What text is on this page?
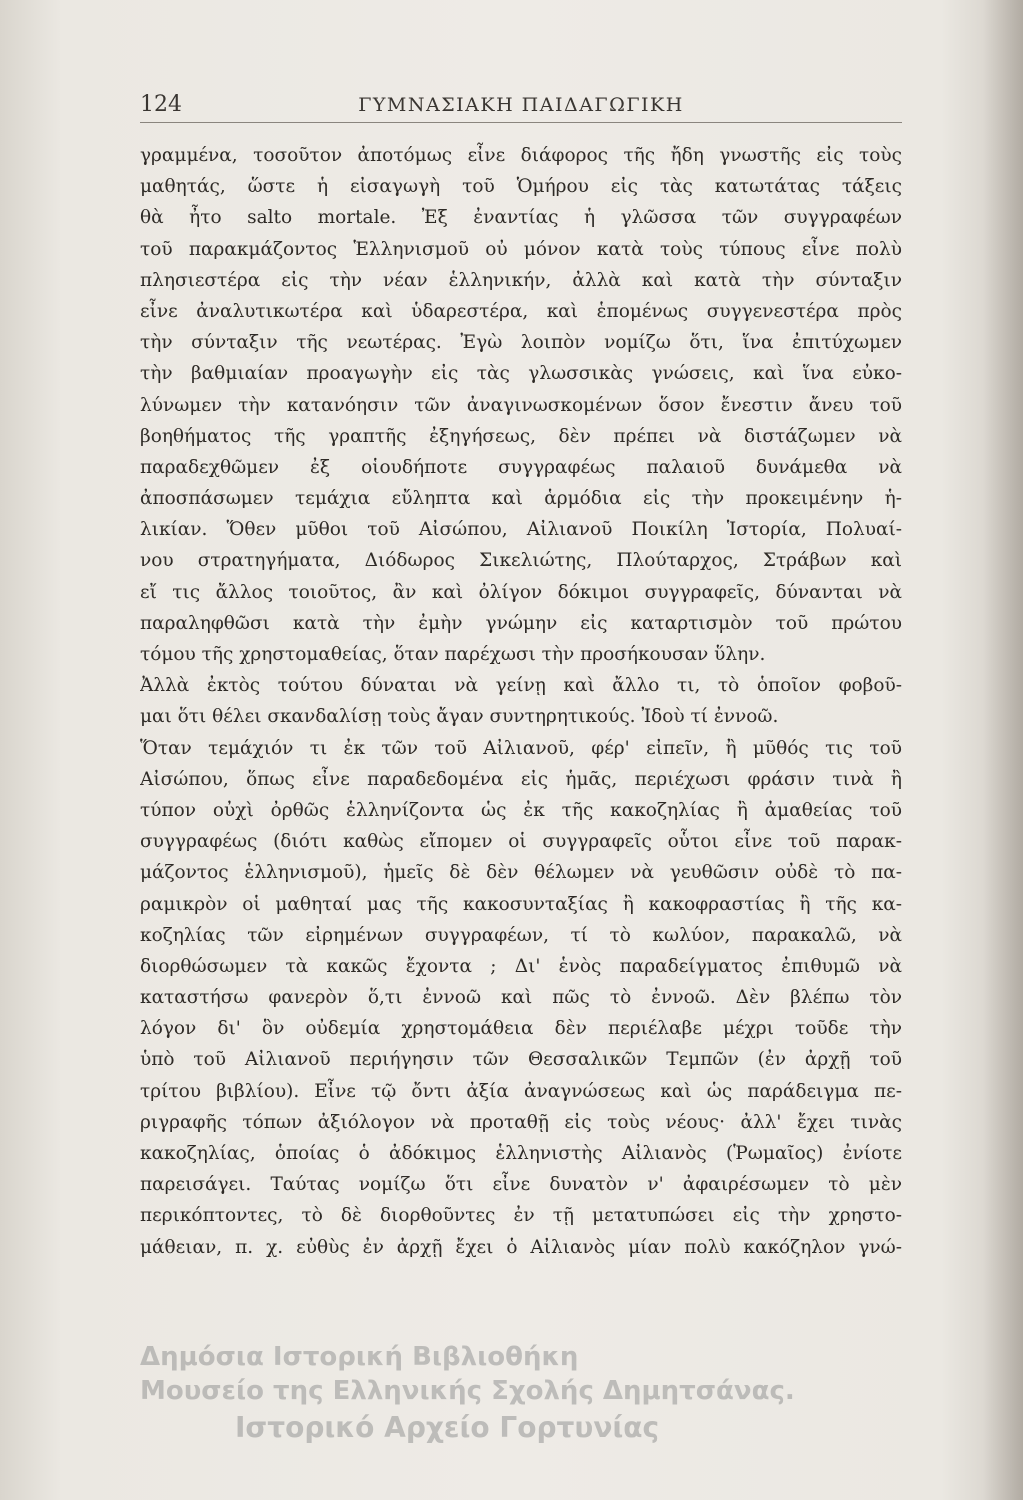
124	ΓΥΜΝΑΣΙΑΚΗ ΠΑΙΔΑΓΩΓΙΚΗ
γραμμένα, τοσοῦτον ἀποτόμως εἶνε διάφορος τῆς ἤδη γνωστῆς εἰς τοὺς
μαθητάς, ὥστε ἡ εἰσαγωγὴ τοῦ Ὁμήρου εἰς τὰς κατωτάτας τάξεις
θὰ ἦτο salto mortale. Ἐξ ἐναντίας ἡ γλῶσσα τῶν συγγραφέων
τοῦ παρακμάζοντος Ἑλληνισμοῦ οὐ μόνον κατὰ τοὺς τύπους εἶνε πολὺ
πλησιεστέρα εἰς τὴν νέαν ἑλληνικήν, ἀλλὰ καὶ κατὰ τὴν σύνταξιν
εἶνε ἀναλυτικωτέρα καὶ ὑδαρεστέρα, καὶ ἑπομένως συγγενεστέρα πρὸς
τὴν σύνταξιν τῆς νεωτέρας. Ἐγὼ λοιπὸν νομίζω ὅτι, ἵνα ἐπιτύχωμεν
τὴν βαθμιαίαν προαγωγὴν εἰς τὰς γλωσσικὰς γνώσεις, καὶ ἵνα εὐκο-
λύνωμεν τὴν κατανόησιν τῶν ἀναγινωσκομένων ὅσον ἔνεστιν ἄνευ τοῦ
βοηθήματος τῆς γραπτῆς ἐξηγήσεως, δὲν πρέπει νὰ διστάζωμεν νὰ
παραδεχθῶμεν ἐξ οἱουδήποτε συγγραφέως παλαιοῦ δυνάμεθα νὰ
ἀποσπάσωμεν τεμάχια εὔληπτα καὶ ἁρμόδια εἰς τὴν προκειμένην ἡ-
λικίαν. Ὅθεν μῦθοι τοῦ Αἰσώπου, Αἰλιανοῦ Ποικίλη Ἱστορία, Πολυαί-
νου στρατηγήματα, Διόδωρος Σικελιώτης, Πλούταρχος, Στράβων καὶ
εἴ τις ἄλλος τοιοῦτος, ἂν καὶ ὀλίγον δόκιμοι συγγραφεῖς, δύνανται νὰ
παραληφθῶσι κατὰ τὴν ἐμὴν γνώμην εἰς καταρτισμὸν τοῦ πρώτου
τόμου τῆς χρηστομαθείας, ὅταν παρέχωσι τὴν προσήκουσαν ὕλην.
Ἀλλὰ ἐκτὸς τούτου δύναται νὰ γείνῃ καὶ ἄλλο τι, τὸ ὁποῖον φοβοῦ-
μαι ὅτι θέλει σκανδαλίσῃ τοὺς ἄγαν συντηρητικούς. Ἰδοὺ τί ἐννοῶ.
Ὅταν τεμάχιόν τι ἐκ τῶν τοῦ Αἰλιανοῦ, φέρ' εἰπεῖν, ἢ μῦθός τις τοῦ
Αἰσώπου, ὅπως εἶνε παραδεδομένα εἰς ἡμᾶς, περιέχωσι φράσιν τινὰ ἢ
τύπον οὐχὶ ὀρθῶς ἑλληνίζοντα ὡς ἐκ τῆς κακοζηλίας ἢ ἀμαθείας τοῦ
συγγραφέως (διότι καθὼς εἴπομεν οἱ συγγραφεῖς οὗτοι εἶνε τοῦ παρακ-
μάζοντος ἑλληνισμοῦ), ἡμεῖς δὲ δὲν θέλωμεν νὰ γευθῶσιν οὐδὲ τὸ πα-
ραμικρὸν οἱ μαθηταί μας τῆς κακοσυνταξίας ἢ κακοφραστίας ἢ τῆς κα-
κοζηλίας τῶν εἰρημένων συγγραφέων, τί τὸ κωλύον, παρακαλῶ, νὰ
διορθώσωμεν τὰ κακῶς ἔχοντα ; Δι' ἑνὸς παραδείγματος ἐπιθυμῶ νὰ
καταστήσω φανερὸν ὅ,τι ἐννοῶ καὶ πῶς τὸ ἐννοῶ. Δὲν βλέπω τὸν
λόγον δι' ὃν οὐδεμία χρηστομάθεια δὲν περιέλαβε μέχρι τοῦδε τὴν
ὑπὸ τοῦ Αἰλιανοῦ περιήγησιν τῶν Θεσσαλικῶν Τεμπῶν (ἐν ἀρχῇ τοῦ
τρίτου βιβλίου). Εἶνε τῷ ὄντι ἀξία ἀναγνώσεως καὶ ὡς παράδειγμα πε-
ριγραφῆς τόπων ἀξιόλογον νὰ προταθῇ εἰς τοὺς νέους· ἀλλ' ἔχει τινὰς
κακοζηλίας, ὁποίας ὁ ἀδόκιμος ἑλληνιστὴς Αἰλιανὸς (Ῥωμαῖος) ἐνίοτε
παρεισάγει. Ταύτας νομίζω ὅτι εἶνε δυνατὸν ν' ἀφαιρέσωμεν τὸ μὲν
περικόπτοντες, τὸ δὲ διορθοῦντες ἐν τῇ μετατυπώσει εἰς τὴν χρηστο-
μάθειαν, π. χ. εὐθὺς ἐν ἀρχῇ ἔχει ὁ Αἰλιανὸς μίαν πολὺ κακόζηλον γνώ-
Δημόσια Ιστορική Βιβλιοθήκη
Μουσείο της Ελληνικής Σχολής Δημητσάνας.
Ιστορικό Αρχείο Γορτυνίας
